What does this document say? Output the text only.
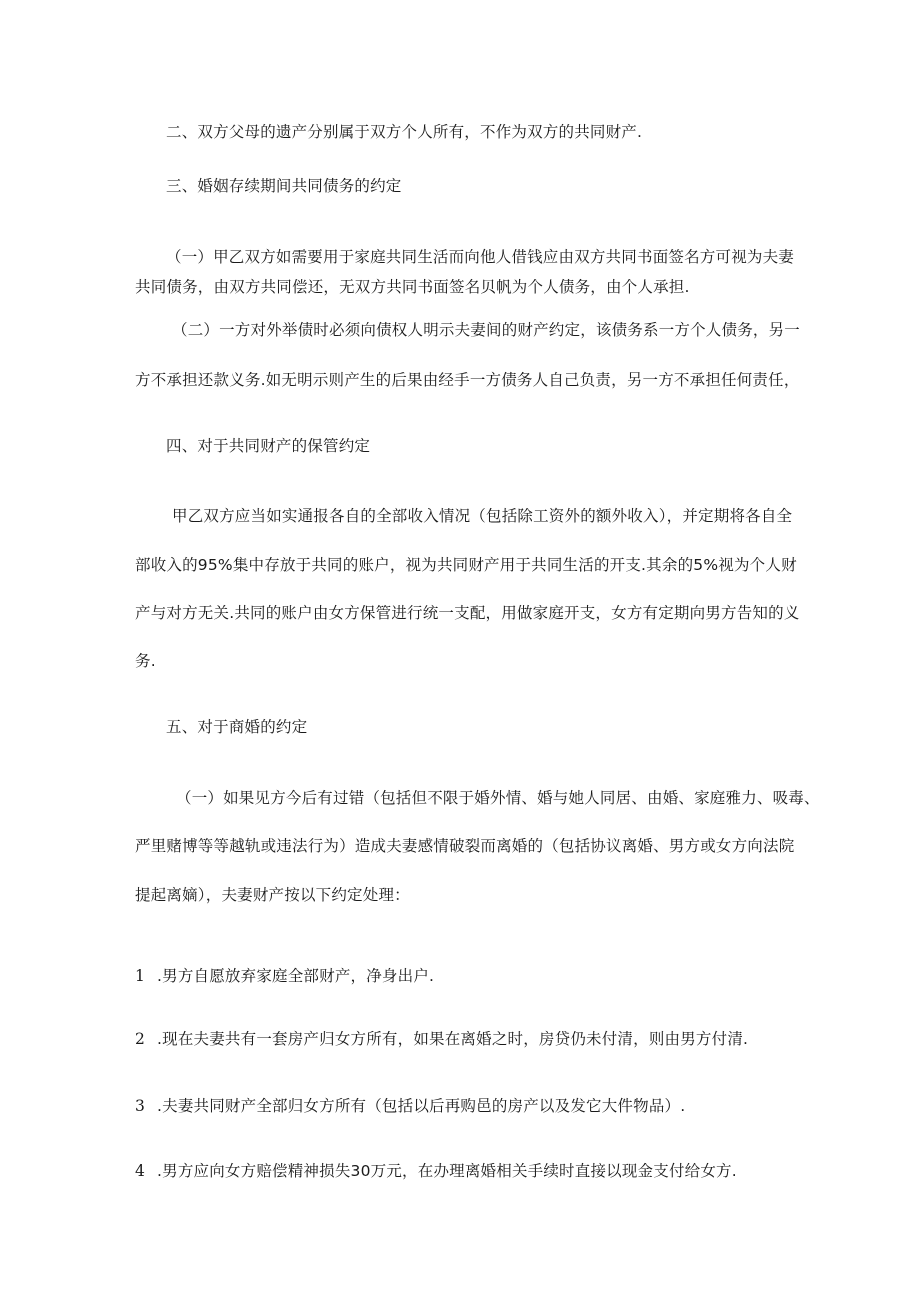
二、双方父母的遗产分别属于双方个人所有，不作为双方的共同财产.
三、婚姻存续期间共同债务的约定
（一）甲乙双方如需要用于家庭共同生活而向他人借钱应由双方共同书面签名方可视为夫妻
共同债务，由双方共同偿还，无双方共同书面签名贝帆为个人债务，由个人承担.
（二）一方对外举债时必须向债权人明示夫妻间的财产约定，该债务系一方个人债务，另一
方不承担还款义务.如无明示则产生的后果由经手一方债务人自己负责，另一方不承担任何责任，
四、对于共同财产的保管约定
甲乙双方应当如实通报各自的全部收入情况（包括除工资外的额外收入），并定期将各自全
部收入的95%集中存放于共同的账户，视为共同财产用于共同生活的开支.其余的5%视为个人财
产与对方无关.共同的账户由女方保管进行统一支配，用做家庭开支，女方有定期向男方告知的义
务.
五、对于商婚的约定
（一）如果见方今后有过错（包括但不限于婚外情、婚与她人同居、由婚、家庭雅力、吸毒、
严里赌博等等越轨或违法行为）造成夫妻感情破裂而离婚的（包括协议离婚、男方或女方向法院
提起离嫡），夫妻财产按以下约定处理：
1 .男方自愿放弃家庭全部财产，净身出户.
2 .现在夫妻共有一套房产归女方所有，如果在离婚之时，房贷仍未付清，则由男方付清.
3 .夫妻共同财产全部归女方所有（包括以后再购邑的房产以及发它大件物品）.
4 .男方应向女方赔偿精神损失30万元，在办理离婚相关手续时直接以现金支付给女方.
